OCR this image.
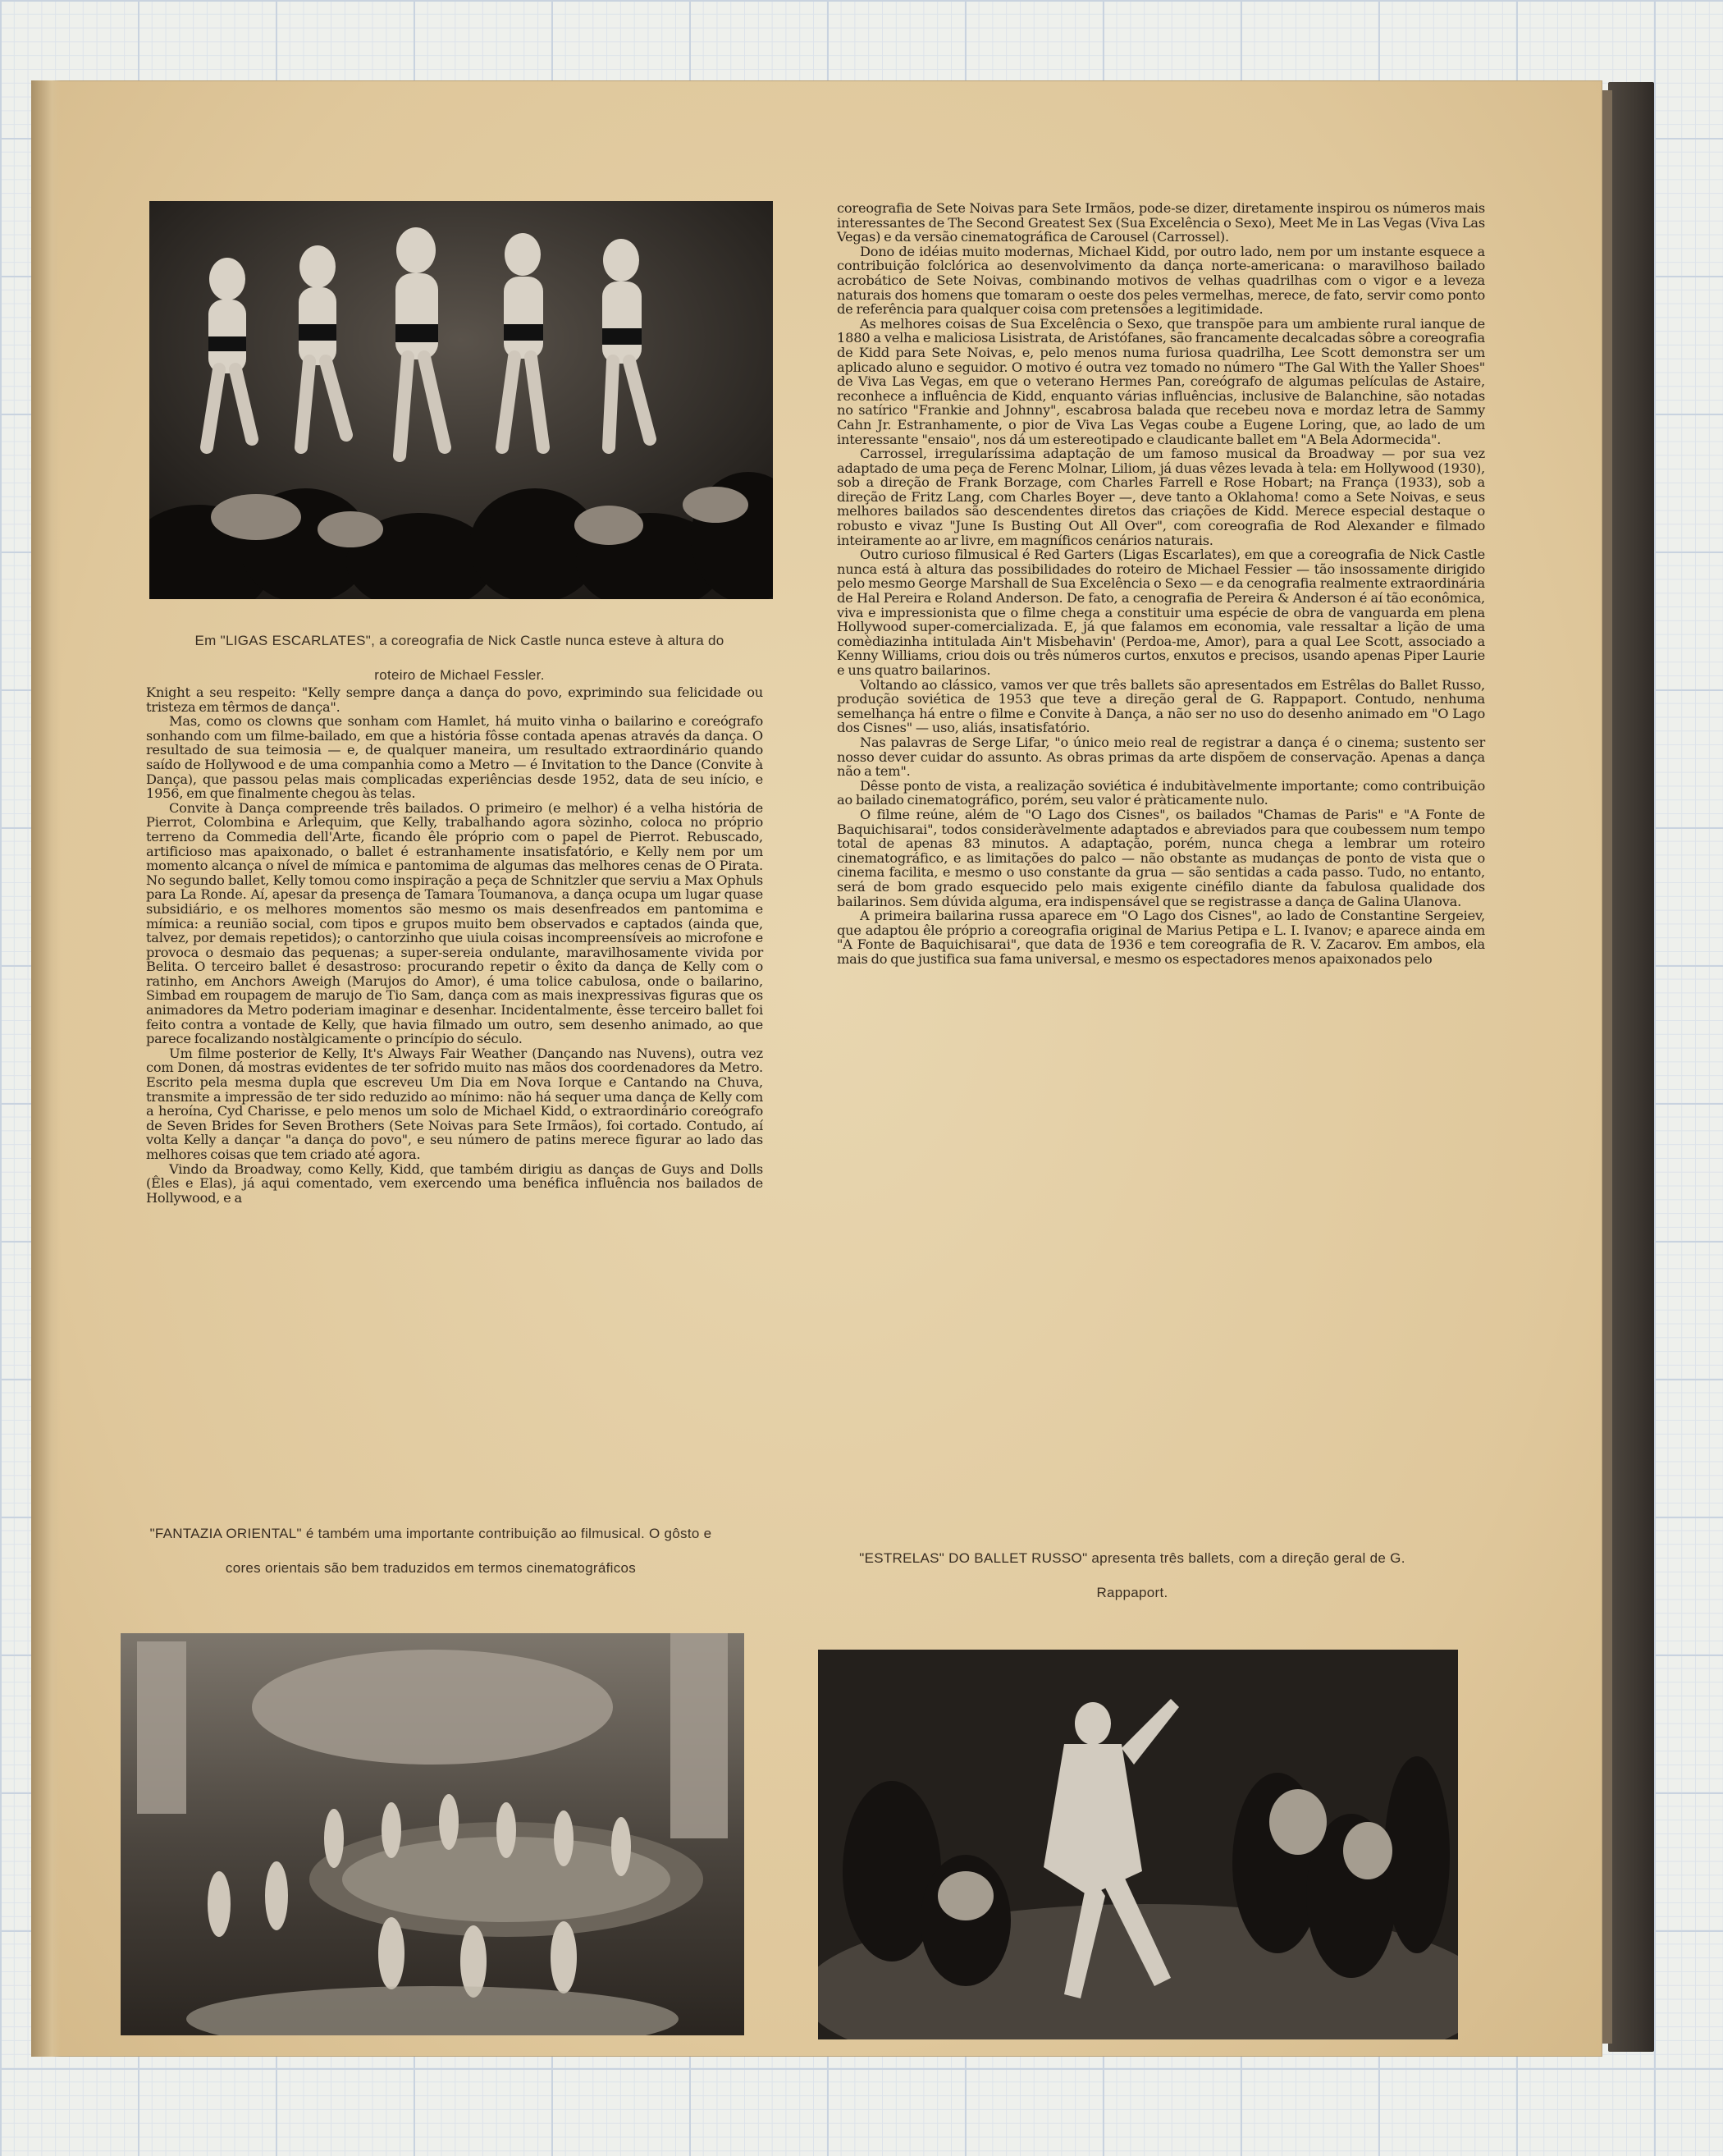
Em "LIGAS ESCARLATES", a coreografia de Nick Castle nunca esteve à altura do roteiro de Michael Fessler.

Knight a seu respeito: "Kelly sempre dança a dança do povo, exprimindo sua felicidade ou tristeza em têrmos de dança".

Mas, como os clowns que sonham com Hamlet, há muito vinha o bailarino e coreógrafo sonhando com um filme-bailado, em que a história fôsse contada apenas através da dança. O resultado de sua teimosia — e, de qualquer maneira, um resultado extraordinário quando saído de Hollywood e de uma companhia como a Metro — é Invitation to the Dance (Convite à Dança), que passou pelas mais complicadas experiências desde 1952, data de seu início, e 1956, em que finalmente chegou às telas.

Convite à Dança compreende três bailados. O primeiro (e melhor) é a velha história de Pierrot, Colombina e Arlequim, que Kelly, trabalhando agora sòzinho, coloca no próprio terreno da Commedia dell'Arte, ficando êle próprio com o papel de Pierrot. Rebuscado, artificioso mas apaixonado, o ballet é estranhamente insatisfatório, e Kelly nem por um momento alcança o nível de mímica e pantomima de algumas das melhores cenas de O Pirata. No segundo ballet, Kelly tomou como inspiração a peça de Schnitzler que serviu a Max Ophuls para La Ronde. Aí, apesar da presença de Tamara Toumanova, a dança ocupa um lugar quase subsidiário, e os melhores momentos são mesmo os mais desenfreados em pantomima e mímica: a reunião social, com tipos e grupos muito bem observados e captados (ainda que, talvez, por demais repetidos); o cantorzinho que uiula coisas incompreensíveis ao microfone e provoca o desmaio das pequenas; a super-sereia ondulante, maravilhosamente vivida por Belita. O terceiro ballet é desastroso: procurando repetir o êxito da dança de Kelly com o ratinho, em Anchors Aweigh (Marujos do Amor), é uma tolice cabulosa, onde o bailarino, Simbad em roupagem de marujo de Tio Sam, dança com as mais inexpressivas figuras que os animadores da Metro poderiam imaginar e desenhar. Incidentalmente, êsse terceiro ballet foi feito contra a vontade de Kelly, que havia filmado um outro, sem desenho animado, ao que parece focalizando nostàlgicamente o princípio do século.

Um filme posterior de Kelly, It's Always Fair Weather (Dançando nas Nuvens), outra vez com Donen, dá mostras evidentes de ter sofrido muito nas mãos dos coordenadores da Metro. Escrito pela mesma dupla que escreveu Um Dia em Nova Iorque e Cantando na Chuva, transmite a impressão de ter sido reduzido ao mínimo: não há sequer uma dança de Kelly com a heroína, Cyd Charisse, e pelo menos um solo de Michael Kidd, o extraordinário coreógrafo de Seven Brides for Seven Brothers (Sete Noivas para Sete Irmãos), foi cortado. Contudo, aí volta Kelly a dançar "a dança do povo", e seu número de patins merece figurar ao lado das melhores coisas que tem criado até agora.

Vindo da Broadway, como Kelly, Kidd, que também dirigiu as danças de Guys and Dolls (Êles e Elas), já aqui comentado, vem exercendo uma benéfica influência nos bailados de Hollywood, e a

coreografia de Sete Noivas para Sete Irmãos, pode-se dizer, diretamente inspirou os números mais interessantes de The Second Greatest Sex (Sua Excelência o Sexo), Meet Me in Las Vegas (Viva Las Vegas) e da versão cinematográfica de Carousel (Carrossel).

Dono de idéias muito modernas, Michael Kidd, por outro lado, nem por um instante esquece a contribuição folclórica ao desenvolvimento da dança norte-americana: o maravilhoso bailado acrobático de Sete Noivas, combinando motivos de velhas quadrilhas com o vigor e a leveza naturais dos homens que tomaram o oeste dos peles vermelhas, merece, de fato, servir como ponto de referência para qualquer coisa com pretensões a legitimidade.

As melhores coisas de Sua Excelência o Sexo, que transpõe para um ambiente rural ianque de 1880 a velha e maliciosa Lisistrata, de Aristófanes, são francamente decalcadas sôbre a coreografia de Kidd para Sete Noivas, e, pelo menos numa furiosa quadrilha, Lee Scott demonstra ser um aplicado aluno e seguidor. O motivo é outra vez tomado no número "The Gal With the Yaller Shoes" de Viva Las Vegas, em que o veterano Hermes Pan, coreógrafo de algumas películas de Astaire, reconhece a influência de Kidd, enquanto várias influências, inclusive de Balanchine, são notadas no satírico "Frankie and Johnny", escabrosa balada que recebeu nova e mordaz letra de Sammy Cahn Jr. Estranhamente, o pior de Viva Las Vegas coube a Eugene Loring, que, ao lado de um interessante "ensaio", nos dá um estereotipado e claudicante ballet em "A Bela Adormecida".

Carrossel, irregularíssima adaptação de um famoso musical da Broadway — por sua vez adaptado de uma peça de Ferenc Molnar, Liliom, já duas vêzes levada à tela: em Hollywood (1930), sob a direção de Frank Borzage, com Charles Farrell e Rose Hobart; na França (1933), sob a direção de Fritz Lang, com Charles Boyer —, deve tanto a Oklahoma! como a Sete Noivas, e seus melhores bailados são descendentes diretos das criações de Kidd. Merece especial destaque o robusto e vivaz "June Is Busting Out All Over", com coreografia de Rod Alexander e filmado inteiramente ao ar livre, em magníficos cenários naturais.

Outro curioso filmusical é Red Garters (Ligas Escarlates), em que a coreografia de Nick Castle nunca está à altura das possibilidades do roteiro de Michael Fessier — tão insossamente dirigido pelo mesmo George Marshall de Sua Excelência o Sexo — e da cenografia realmente extraordinária de Hal Pereira e Roland Anderson. De fato, a cenografia de Pereira & Anderson é aí tão econômica, viva e impressionista que o filme chega a constituir uma espécie de obra de vanguarda em plena Hollywood super-comercializada. E, já que falamos em economia, vale ressaltar a lição de uma comèdiazinha intitulada Ain't Misbehavin' (Perdoa-me, Amor), para a qual Lee Scott, associado a Kenny Williams, criou dois ou três números curtos, enxutos e precisos, usando apenas Piper Laurie e uns quatro bailarinos.

Voltando ao clássico, vamos ver que três ballets são apresentados em Estrêlas do Ballet Russo, produção soviética de 1953 que teve a direção geral de G. Rappaport. Contudo, nenhuma semelhança há entre o filme e Convite à Dança, a não ser no uso do desenho animado em "O Lago dos Cisnes" — uso, aliás, insatisfatório.

Nas palavras de Serge Lifar, "o único meio real de registrar a dança é o cinema; sustento ser nosso dever cuidar do assunto. As obras primas da arte dispõem de conservação. Apenas a dança não a tem".

Dêsse ponto de vista, a realização soviética é indubitàvelmente importante; como contribuição ao bailado cinematográfico, porém, seu valor é pràticamente nulo.

O filme reúne, além de "O Lago dos Cisnes", os bailados "Chamas de Paris" e "A Fonte de Baquichisarai", todos consideràvelmente adaptados e abreviados para que coubessem num tempo total de apenas 83 minutos. A adaptação, porém, nunca chega a lembrar um roteiro cinematográfico, e as limitações do palco — não obstante as mudanças de ponto de vista que o cinema facilita, e mesmo o uso constante da grua — são sentidas a cada passo. Tudo, no entanto, será de bom grado esquecido pelo mais exigente cinéfilo diante da fabulosa qualidade dos bailarinos. Sem dúvida alguma, era indispensável que se registrasse a dança de Galina Ulanova.

A primeira bailarina russa aparece em "O Lago dos Cisnes", ao lado de Constantine Sergeiev, que adaptou êle próprio a coreografia original de Marius Petipa e L. I. Ivanov; e aparece ainda em "A Fonte de Baquichisarai", que data de 1936 e tem coreografia de R. V. Zacarov. Em ambos, ela mais do que justifica sua fama universal, e mesmo os espectadores menos apaixonados pelo

"FANTAZIA ORIENTAL" é também uma importante contribuição ao filmusical. O gôsto e cores orientais são bem traduzidos em termos cinematográficos
"ESTRELAS" DO BALLET RUSSO" apresenta três ballets, com a direção geral de G. Rappaport.
